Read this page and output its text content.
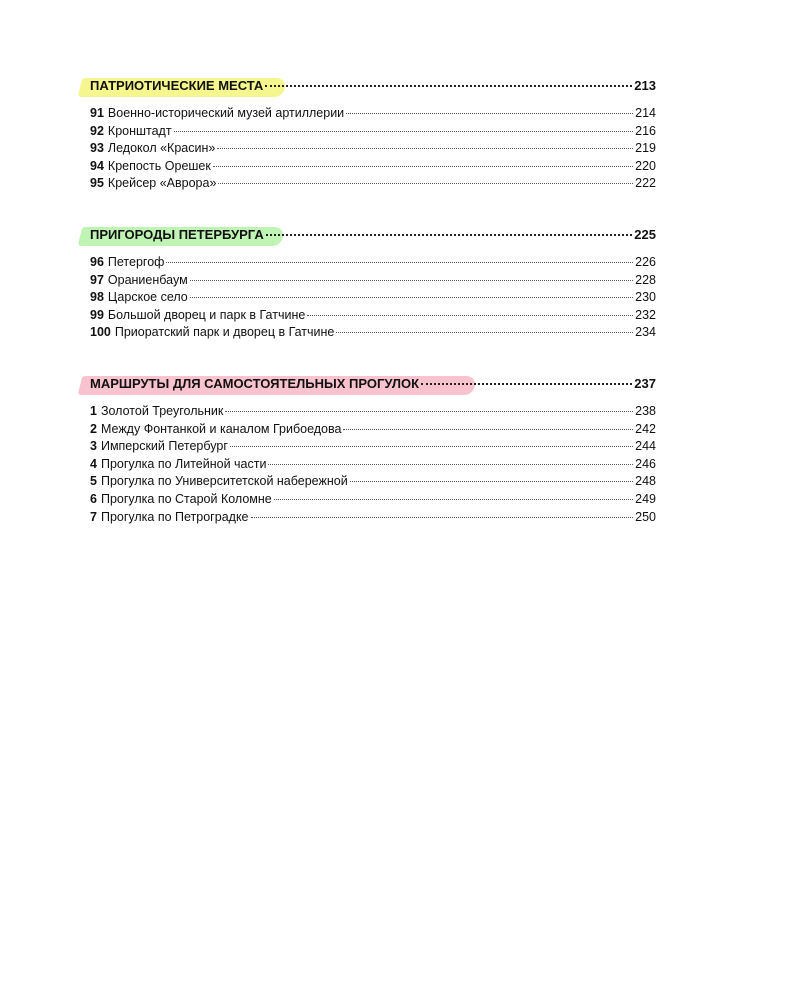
ПАТРИОТИЧЕСКИЕ МЕСТА	213
91 Военно-исторический музей артиллерии	214
92 Кронштадт	216
93 Ледокол «Красин»	219
94 Крепость Орешек	220
95 Крейсер «Аврора»	222
ПРИГОРОДЫ ПЕТЕРБУРГА	225
96 Петергоф	226
97 Ораниенбаум	228
98 Царское село	230
99 Большой дворец и парк в Гатчине	232
100 Приоратский парк и дворец в Гатчине	234
МАРШРУТЫ ДЛЯ САМОСТОЯТЕЛЬНЫХ ПРОГУЛОК	237
1 Золотой Треугольник	238
2 Между Фонтанкой и каналом Грибоедова	242
3 Имперский Петербург	244
4 Прогулка по Литейной части	246
5 Прогулка по Университетской набережной	248
6 Прогулка по Старой Коломне	249
7 Прогулка по Петроградке	250
